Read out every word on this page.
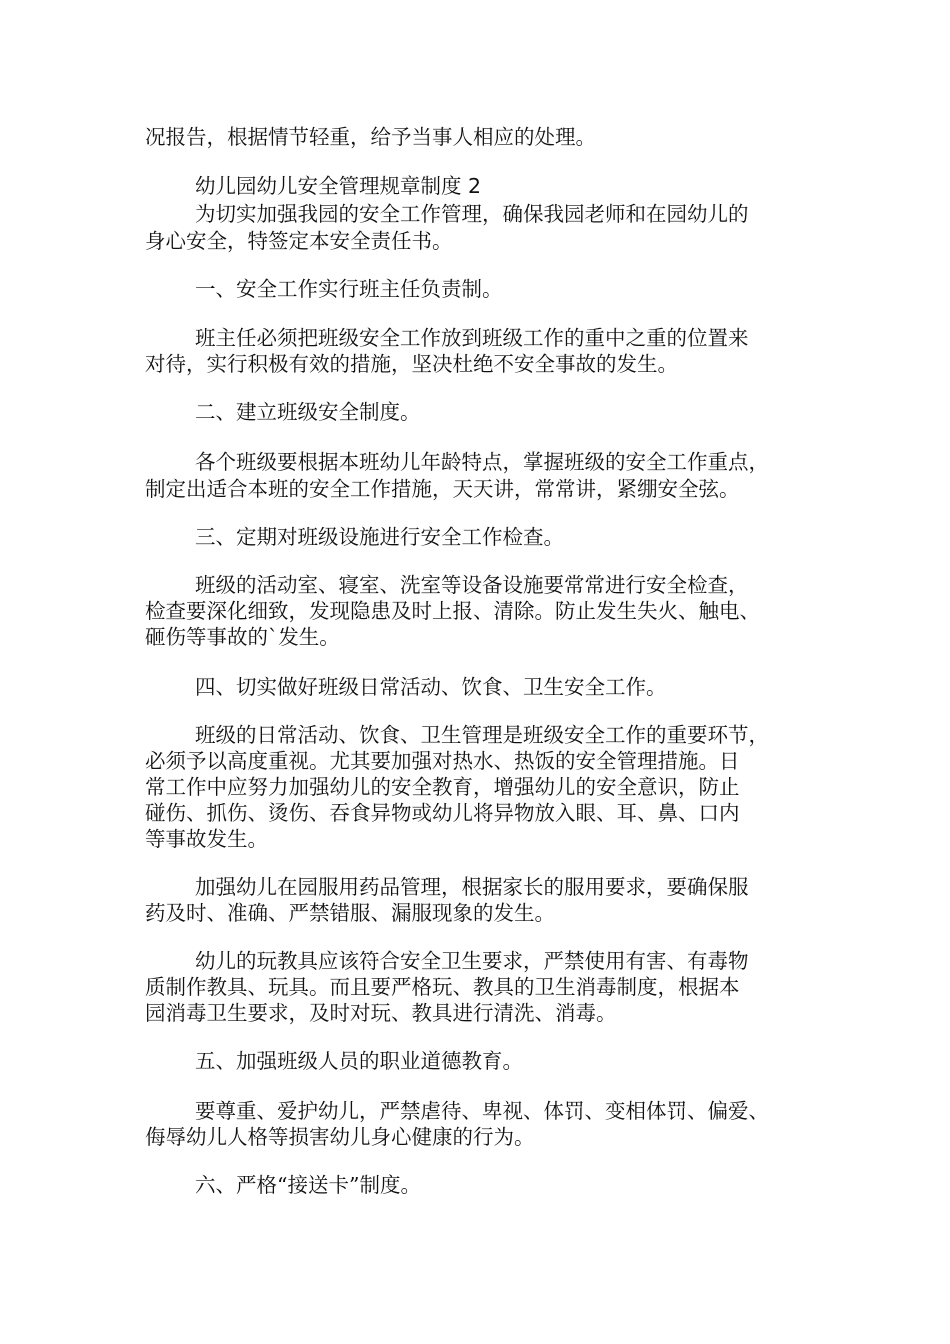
况报告，根据情节轻重，给予当事人相应的处理。
幼儿园幼儿安全管理规章制度 2
为切实加强我园的安全工作管理，确保我园老师和在园幼儿的
身心安全，特签定本安全责任书。
一、安全工作实行班主任负责制。
班主任必须把班级安全工作放到班级工作的重中之重的位置来
对待，实行积极有效的措施，坚决杜绝不安全事故的发生。
二、建立班级安全制度。
各个班级要根据本班幼儿年龄特点，掌握班级的安全工作重点，
制定出适合本班的安全工作措施，天天讲，常常讲，紧绷安全弦。
三、定期对班级设施进行安全工作检查。
班级的活动室、寝室、洗室等设备设施要常常进行安全检查，
检查要深化细致，发现隐患及时上报、清除。防止发生失火、触电、
砸伤等事故的`发生。
四、切实做好班级日常活动、饮食、卫生安全工作。
班级的日常活动、饮食、卫生管理是班级安全工作的重要环节，
必须予以高度重视。尤其要加强对热水、热饭的安全管理措施。日
常工作中应努力加强幼儿的安全教育，增强幼儿的安全意识，防止
碰伤、抓伤、烫伤、吞食异物或幼儿将异物放入眼、耳、鼻、口内
等事故发生。
加强幼儿在园服用药品管理，根据家长的服用要求，要确保服
药及时、准确、严禁错服、漏服现象的发生。
幼儿的玩教具应该符合安全卫生要求，严禁使用有害、有毒物
质制作教具、玩具。而且要严格玩、教具的卫生消毒制度，根据本
园消毒卫生要求，及时对玩、教具进行清洗、消毒。
五、加强班级人员的职业道德教育。
要尊重、爱护幼儿，严禁虐待、卑视、体罚、变相体罚、偏爱、
侮辱幼儿人格等损害幼儿身心健康的行为。
六、严格“接送卡”制度。
